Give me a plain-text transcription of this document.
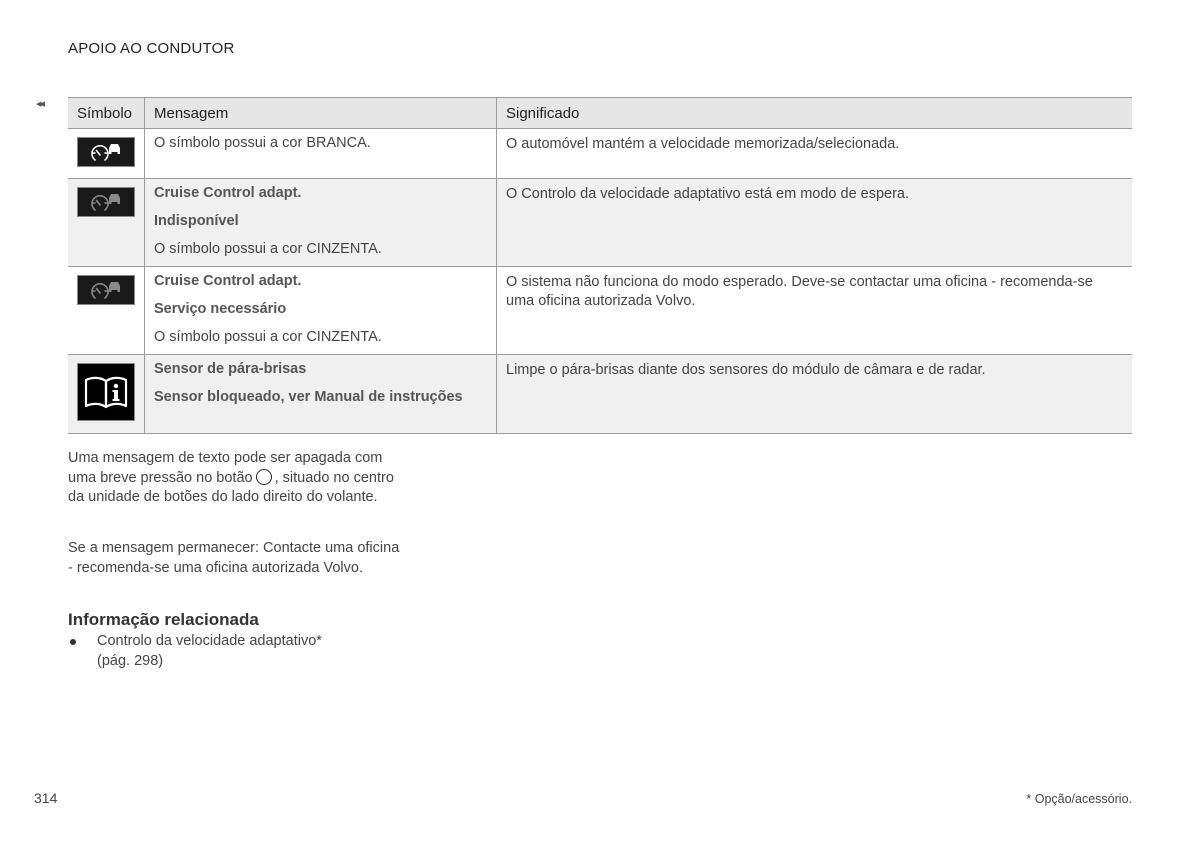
APOIO AO CONDUTOR
◂◂
Símbolo	Mensagem	Significado

O símbolo possui a cor BRANCA.	O automóvel mantém a velocidade memorizada/selecionada.

Cruise Control adapt.
Indisponível
O símbolo possui a cor CINZENTA.	O Controlo da velocidade adaptativo está em modo de espera.

Cruise Control adapt.
Serviço necessário
O símbolo possui a cor CINZENTA.	O sistema não funciona do modo esperado. Deve-se contactar uma oficina - recomenda-se uma oficina autorizada Volvo.

Sensor de pára-brisas
Sensor bloqueado, ver Manual de instruções	Limpe o pára-brisas diante dos sensores do módulo de câmara e de radar.

Uma mensagem de texto pode ser apagada com uma breve pressão no botão , situado no centro da unidade de botões do lado direito do volante.

Se a mensagem permanecer: Contacte uma oficina - recomenda-se uma oficina autorizada Volvo.

Informação relacionada
Controlo da velocidade adaptativo*
(pág. 298)
314	* Opção/acessório.
